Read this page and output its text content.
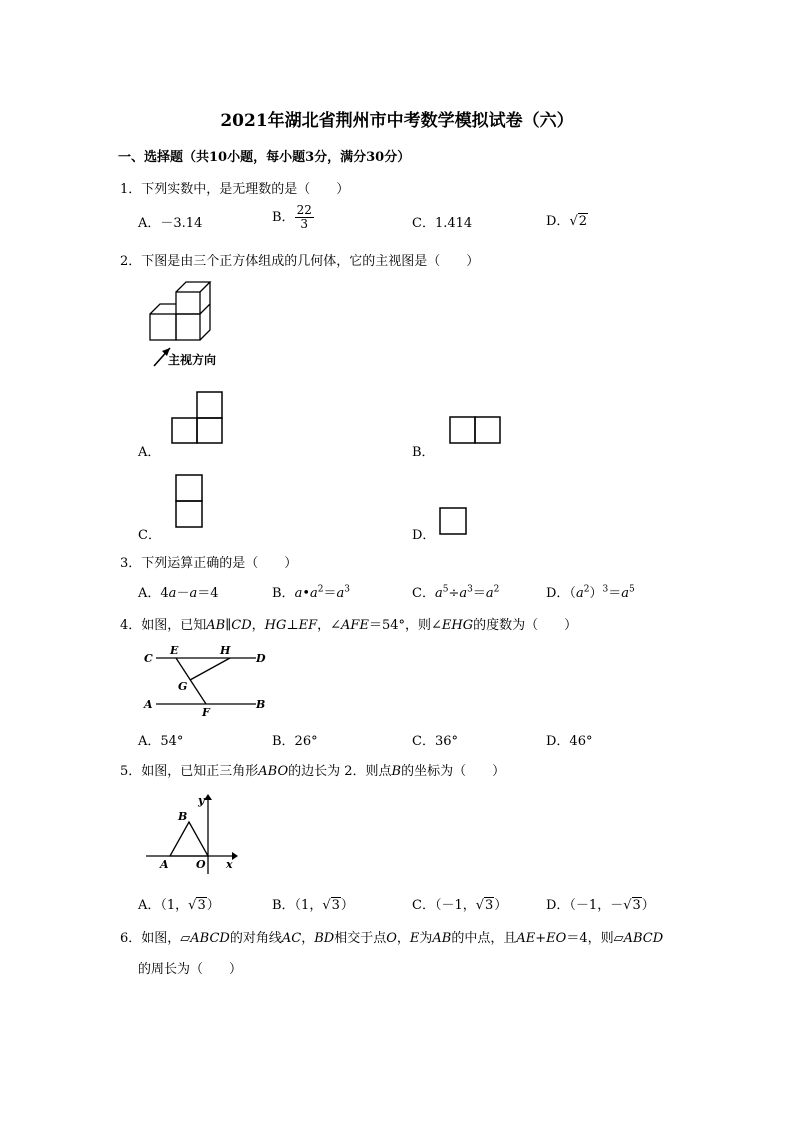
2021年湖北省荆州市中考数学模拟试卷（六）
一、选择题（共10小题，每小题3分，满分30分）
1．下列实数中，是无理数的是（　　）
A．－3.14	B． $\frac{22}{3}$	C．1.414	D．√2
2．下图是由三个正方体组成的几何体，它的主视图是（　　）
主视方向
A．	B．
C．	D．
3．下列运算正确的是（　　）
A．4a－a＝4	B．$a•a^2=a^3$	C．$a^5\div a^3=a^2$	D．$(a^2)^3=a^5$
4．如图，已知AB∥CD，HG⊥EF，∠AFE＝54°，则∠EHG的度数为（　　）
C
E	H
D
G
A
F
B
A．54°	B．26°	C．36°	D．46°
5．如图，已知正三角形ABO的边长为 2．则点B的坐标为（　　）
y
B
A O x
A．（1，√3）	B．（1，√3）	C．（－1，√3）	D．（－1，－√3）
6．如图，▱ABCD的对角线AC，BD相交于点O，E为AB的中点，且AE+EO＝4，则▱ABCD
的周长为（　　）
